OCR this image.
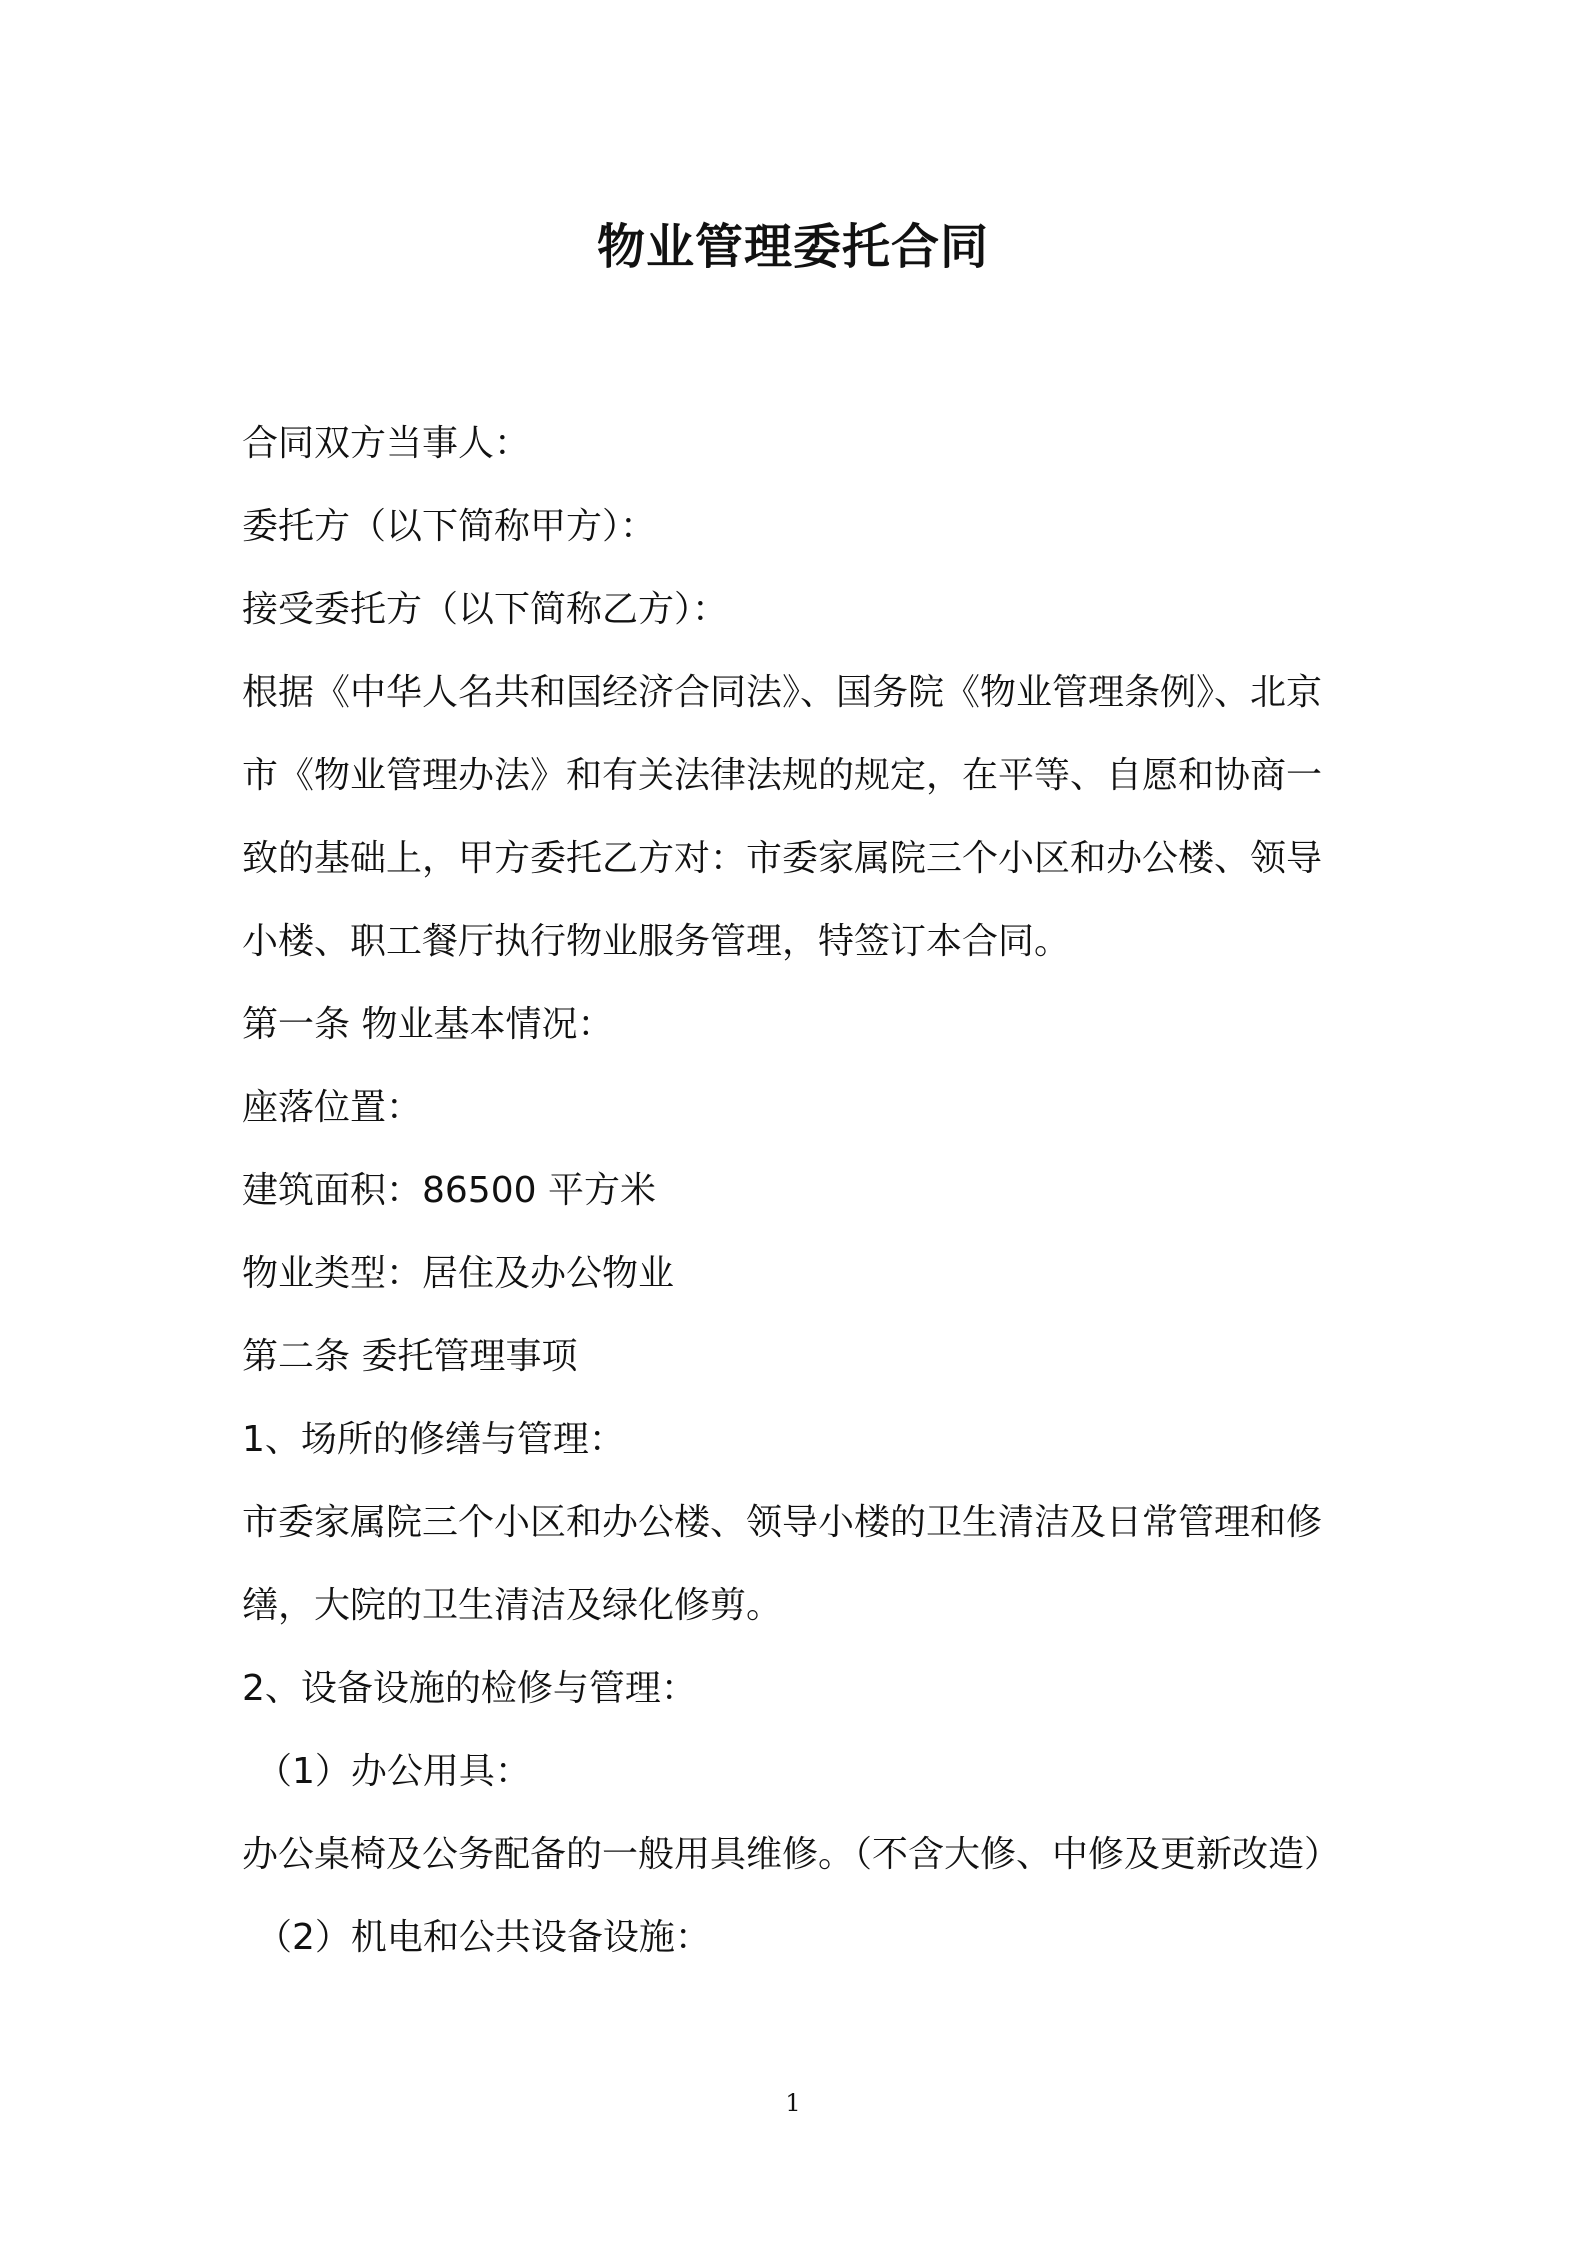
物业管理委托合同

合同双方当事人：

委托方（以下简称甲方）：

接受委托方（以下简称乙方）：

根据《中华人名共和国经济合同法》、国务院《物业管理条例》、北京市《物业管理办法》和有关法律法规的规定，在平等、自愿和协商一致的基础上，甲方委托乙方对：市委家属院三个小区和办公楼、领导小楼、职工餐厅执行物业服务管理，特签订本合同。

第一条 物业基本情况：

座落位置：

建筑面积：86500 平方米

物业类型：居住及办公物业

第二条 委托管理事项

1、场所的修缮与管理：

市委家属院三个小区和办公楼、领导小楼的卫生清洁及日常管理和修缮，大院的卫生清洁及绿化修剪。

2、设备设施的检修与管理：

（1）办公用具：

办公桌椅及公务配备的一般用具维修。（不含大修、中修及更新改造）

（2）机电和公共设备设施：

1
